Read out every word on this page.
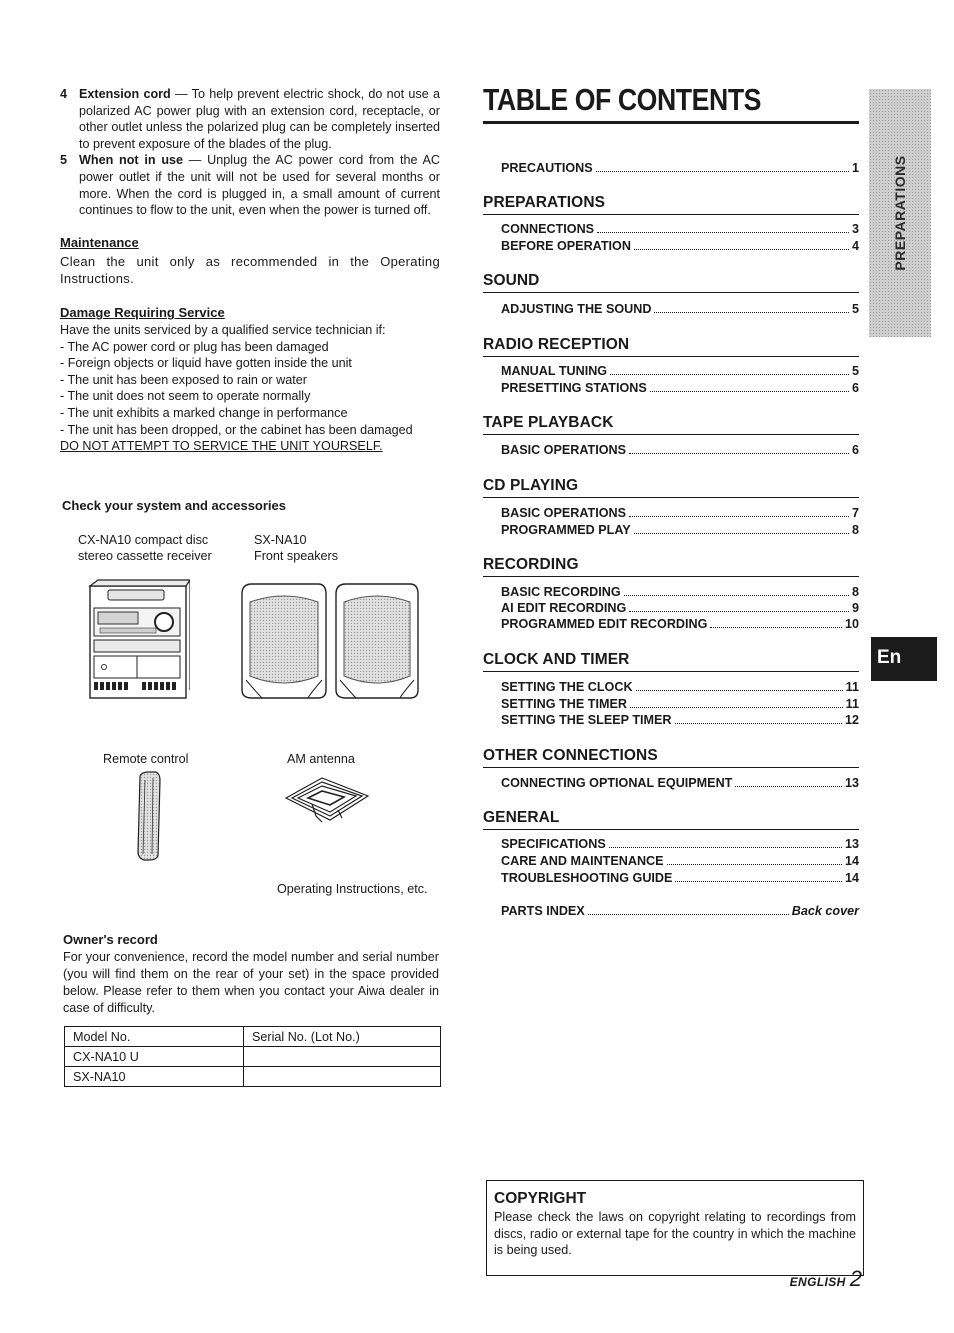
4 Extension cord — To help prevent electric shock, do not use a polarized AC power plug with an extension cord, receptacle, or other outlet unless the polarized plug can be completely inserted to prevent exposure of the blades of the plug.
5 When not in use — Unplug the AC power cord from the AC power outlet if the unit will not be used for several months or more. When the cord is plugged in, a small amount of current continues to flow to the unit, even when the power is turned off.
Maintenance
Clean the unit only as recommended in the Operating Instructions.
Damage Requiring Service
Have the units serviced by a qualified service technician if:
- The AC power cord or plug has been damaged
- Foreign objects or liquid have gotten inside the unit
- The unit has been exposed to rain or water
- The unit does not seem to operate normally
- The unit exhibits a marked change in performance
- The unit has been dropped, or the cabinet has been damaged
DO NOT ATTEMPT TO SERVICE THE UNIT YOURSELF.
Check your system and accessories
CX-NA10 compact disc
stereo cassette receiver
SX-NA10
Front speakers
Remote control	AM antenna
Operating Instructions, etc.
Owner's record
For your convenience, record the model number and serial number (you will find them on the rear of your set) in the space provided below. Please refer to them when you contact your Aiwa dealer in case of difficulty.
Model No.	Serial No. (Lot No.)
CX-NA10 U	
SX-NA10	
TABLE OF CONTENTS
PRECAUTIONS	1
PREPARATIONS
CONNECTIONS	3
BEFORE OPERATION	4
SOUND
ADJUSTING THE SOUND	5
RADIO RECEPTION
MANUAL TUNING	5
PRESETTING STATIONS	6
TAPE PLAYBACK
BASIC OPERATIONS	6
CD PLAYING
BASIC OPERATIONS	7
PROGRAMMED PLAY	8
RECORDING
BASIC RECORDING	8
AI EDIT RECORDING	9
PROGRAMMED EDIT RECORDING	10
CLOCK AND TIMER
SETTING THE CLOCK	11
SETTING THE TIMER	11
SETTING THE SLEEP TIMER	12
OTHER CONNECTIONS
CONNECTING OPTIONAL EQUIPMENT	13
GENERAL
SPECIFICATIONS	13
CARE AND MAINTENANCE	14
TROUBLESHOOTING GUIDE	14
PARTS INDEX	Back cover
PREPARATIONS
En
COPYRIGHT
Please check the laws on copyright relating to recordings from discs, radio or external tape for the country in which the machine is being used.
ENGLISH 2
